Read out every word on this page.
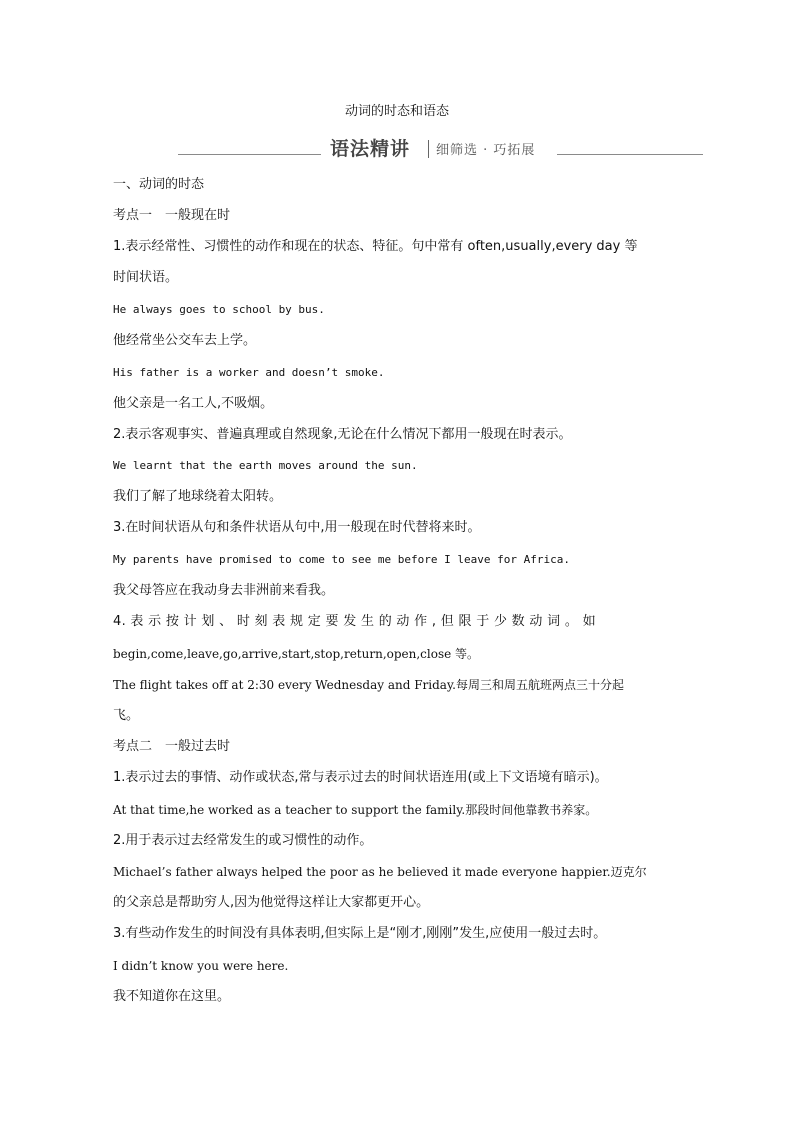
动词的时态和语态
语法精讲 细筛选 · 巧拓展
一、动词的时态
考点一　一般现在时
1.表示经常性、习惯性的动作和现在的状态、特征。句中常有 often,usually,every day 等
时间状语。
He always goes to school by bus.
他经常坐公交车去上学。
His father is a worker and doesn’t smoke.
他父亲是一名工人,不吸烟。
2.表示客观事实、普遍真理或自然现象,无论在什么情况下都用一般现在时表示。
We learnt that the earth moves around the sun.
我们了解了地球绕着太阳转。
3.在时间状语从句和条件状语从句中,用一般现在时代替将来时。
My parents have promised to come to see me before I leave for Africa.
我父母答应在我动身去非洲前来看我。
4. 表 示 按 计 划 、 时 刻 表 规 定 要 发 生 的 动 作 , 但 限 于 少 数 动 词 。 如
begin,come,leave,go,arrive,start,stop,return,open,close 等。
The flight takes off at 2:30 every Wednesday and Friday.每周三和周五航班两点三十分起
飞。
考点二　一般过去时
1.表示过去的事情、动作或状态,常与表示过去的时间状语连用(或上下文语境有暗示)。
At that time,he worked as a teacher to support the family.那段时间他靠教书养家。
2.用于表示过去经常发生的或习惯性的动作。
Michael’s father always helped the poor as he believed it made everyone happier.迈克尔
的父亲总是帮助穷人,因为他觉得这样让大家都更开心。
3.有些动作发生的时间没有具体表明,但实际上是“刚才,刚刚”发生,应使用一般过去时。
I didn’t know you were here.
我不知道你在这里。
